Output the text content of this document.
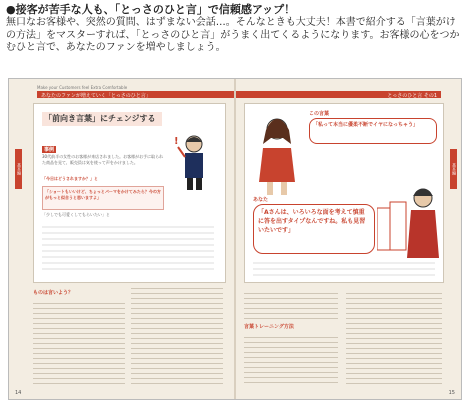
●接客が苦手な人も、「とっさのひと言」で信頼感アップ！
無口なお客様や、突然の質問、はずまない会話…。そんなときも大丈夫！本書で紹介する「言葉がけの方法」をマスターすれば、「とっさのひと言」がうまく出てくるようになります。お客様の心をつかむひと言で、あなたのファンを増やしましょう。
Make your Customers feel Extra Comfortable
あなたのファンが増えていく「とっさのひと言」
基本編
「前向き言葉」にチェンジする
!
事例
30代前半の女性のお客様が来店されました。お客様がお手に取られた商品を見て、販売員は気を使って声をかけました。
「今日はどうされますか？」と
「ショートもいいけど、ちょっとパーマをかけてみたら？今の方がもっと似合うと思いますよ」
「少しでも可愛くしてもらいたい」と
ものは言いよう？
14
とっさのひと言 その1
基本編
この言葉
「私って本当に優柔不断でイヤになっちゃう」
あなた
「Aさんは、いろいろな面を考えて慎重に答を出すタイプなんですね。私も見習いたいです」
言葉トレーニング方法
15
